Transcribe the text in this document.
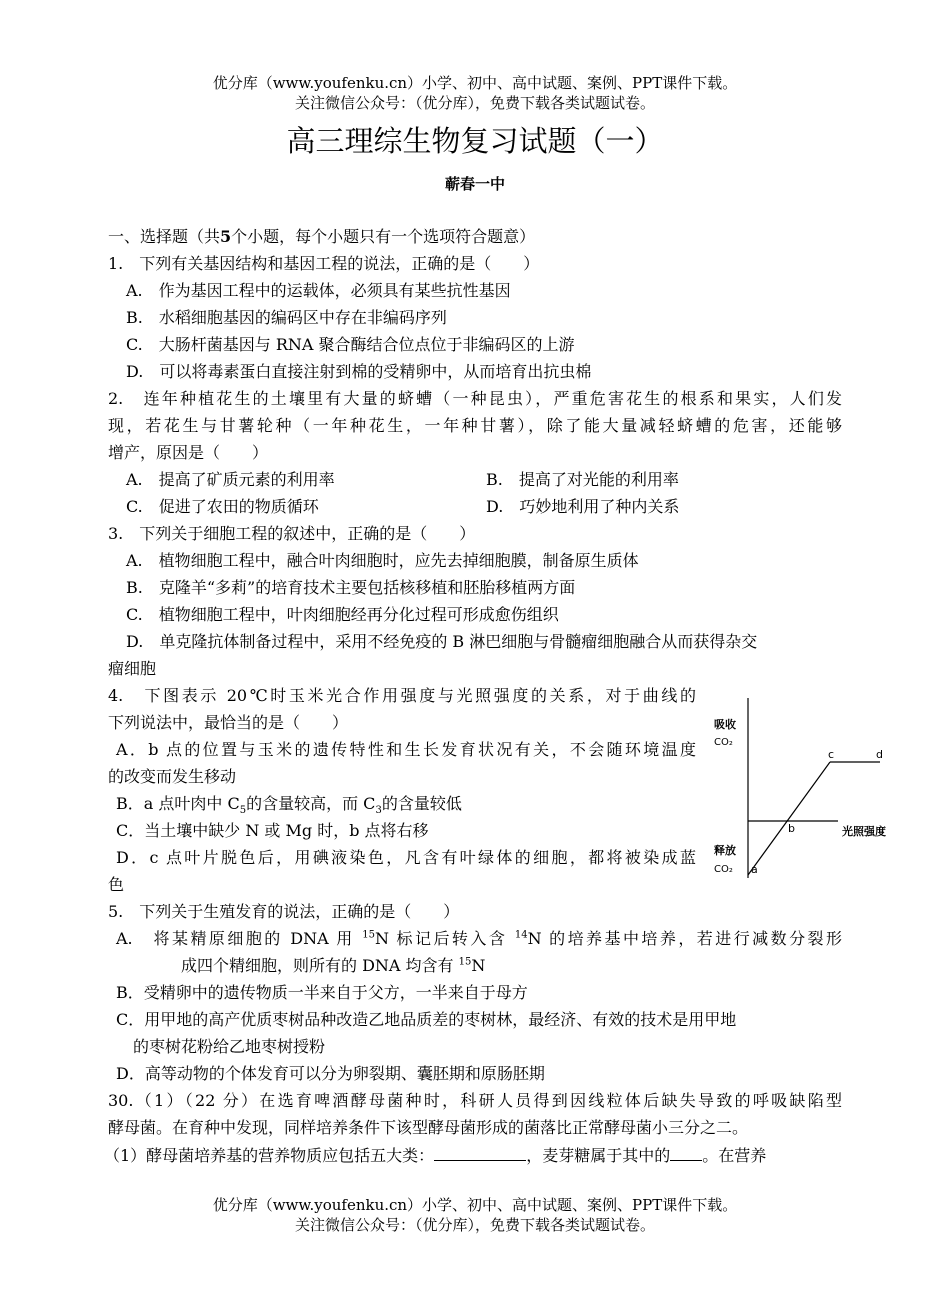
优分库（www.youfenku.cn）小学、初中、高中试题、案例、PPT课件下载。
关注微信公众号：（优分库），免费下载各类试题试卷。
高三理综生物复习试题（一）
蕲春一中
一、选择题（共5个小题，每个小题只有一个选项符合题意）
1.　下列有关基因结构和基因工程的说法，正确的是（　　）
A.　作为基因工程中的运载体，必须具有某些抗性基因
B.　水稻细胞基因的编码区中存在非编码序列
C.　大肠杆菌基因与 RNA 聚合酶结合位点位于非编码区的上游
D.　可以将毒素蛋白直接注射到棉的受精卵中，从而培育出抗虫棉
2.　连年种植花生的土壤里有大量的蛴螬（一种昆虫），严重危害花生的根系和果实，人们发
现，若花生与甘薯轮种（一年种花生，一年种甘薯），除了能大量减轻蛴螬的危害，还能够
增产，原因是（　　）
A.　提高了矿质元素的利用率	B.　提高了对光能的利用率
C.　促进了农田的物质循环	D.　巧妙地利用了种内关系
3.　下列关于细胞工程的叙述中，正确的是（　　）
A.　植物细胞工程中，融合叶肉细胞时，应先去掉细胞膜，制备原生质体
B.　克隆羊“多莉”的培育技术主要包括核移植和胚胎移植两方面
C.　植物细胞工程中，叶肉细胞经再分化过程可形成愈伤组织
D.　单克隆抗体制备过程中，采用不经免疫的 B 淋巴细胞与骨髓瘤细胞融合从而获得杂交
瘤细胞
4.　下图表示 20℃时玉米光合作用强度与光照强度的关系，对于曲线的
下列说法中，最恰当的是（　　）
A．b 点的位置与玉米的遗传特性和生长发育状况有关，不会随环境温度
的改变而发生移动
B．a 点叶肉中 $C_5$的含量较高，而 $C_3$的含量较低
C．当土壤中缺少 N 或 Mg 时，b 点将右移
D．c 点叶片脱色后，用碘液染色，凡含有叶绿体的细胞，都将被染成蓝
色
吸收
CO₂
释放
CO₂
光照强度
a
b
c	d
5.　下列关于生殖发育的说法，正确的是（　　）
A.　将某精原细胞的 DNA 用 $^{15}$N 标记后转入含 $^{14}$N 的培养基中培养，若进行减数分裂形
成四个精细胞，则所有的 DNA 均含有 $^{15}$N
B．受精卵中的遗传物质一半来自于父方，一半来自于母方
C．用甲地的高产优质枣树品种改造乙地品质差的枣树林，最经济、有效的技术是用甲地
的枣树花粉给乙地枣树授粉
D．高等动物的个体发育可以分为卵裂期、囊胚期和原肠胚期
30.（1）（22 分）在选育啤酒酵母菌种时，科研人员得到因线粒体后缺失导致的呼吸缺陷型
酵母菌。在育种中发现，同样培养条件下该型酵母菌形成的菌落比正常酵母菌小三分之二。
（1）酵母菌培养基的营养物质应包括五大类：	，麦芽糖属于其中的 。在营养
优分库（www.youfenku.cn）小学、初中、高中试题、案例、PPT课件下载。
关注微信公众号：（优分库），免费下载各类试题试卷。
